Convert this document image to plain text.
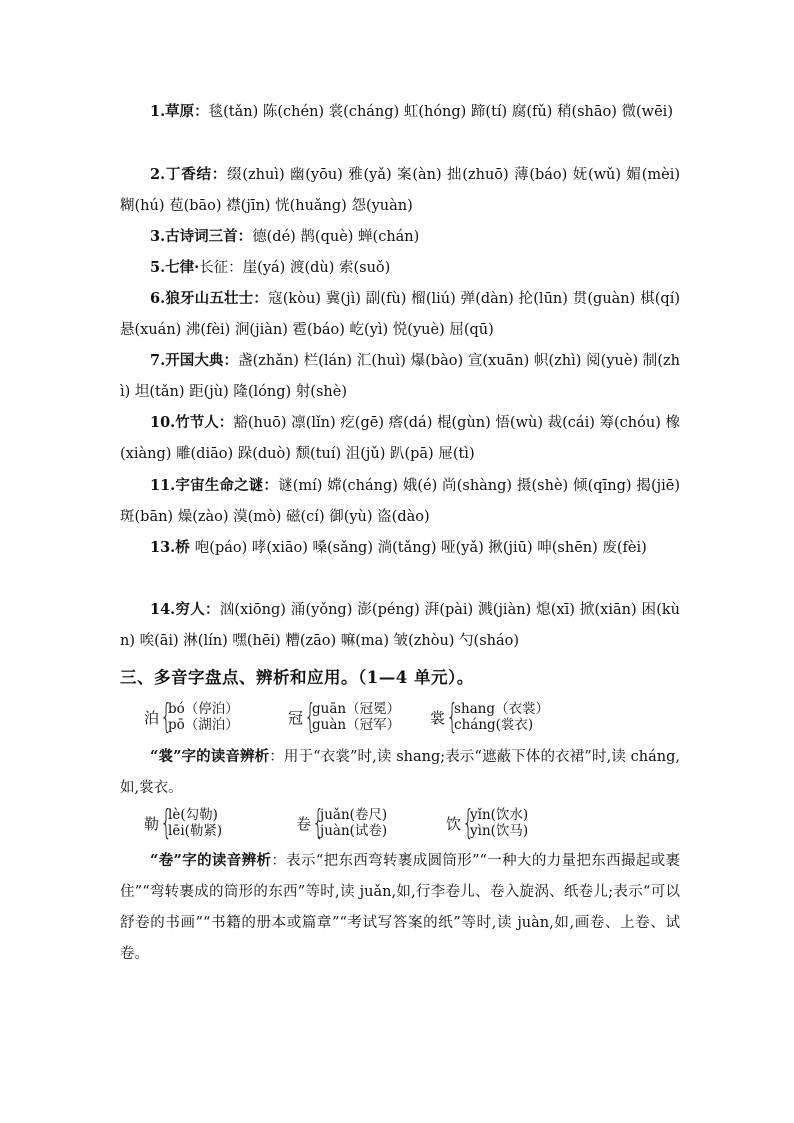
1.草原：毯(tǎn) 陈(chén) 裳(cháng) 虹(hóng) 蹄(tí) 腐(fǔ) 稍(shāo) 微(wēi)
2.丁香结：缀(zhuì) 幽(yōu) 雅(yǎ) 案(àn) 拙(zhuō) 薄(báo) 妩(wǔ) 媚(mèi) 糊(hú) 苞(bāo) 襟(jīn) 恍(huǎng) 怨(yuàn)
3.古诗词三首：德(dé) 鹊(què) 蝉(chán)
5.七律·长征：崖(yá) 渡(dù) 索(suǒ)
6.狼牙山五壮士：寇(kòu) 冀(jì) 副(fù) 榴(liú) 弹(dàn) 抡(lūn) 贯(guàn) 棋(qí) 悬(xuán) 沸(fèi) 涧(jiàn) 雹(báo) 屹(yì) 悦(yuè) 屈(qū)
7.开国大典：盏(zhǎn) 栏(lán) 汇(huì) 爆(bào) 宣(xuān) 帜(zhì) 阅(yuè) 制(zhì) 坦(tǎn) 距(jù) 隆(lóng) 射(shè)
10.竹节人：豁(huō) 凛(lǐn) 疙(gē) 瘩(dá) 棍(gùn) 悟(wù) 裁(cái) 筹(chóu) 橡(xiàng) 雕(diāo) 跺(duò) 颓(tuí) 沮(jǔ) 趴(pā) 屉(tì)
11.宇宙生命之谜：谜(mí) 嫦(cháng) 娥(é) 尚(shàng) 摄(shè) 倾(qīng) 揭(jiē) 斑(bān) 燥(zào) 漠(mò) 磁(cí) 御(yù) 盗(dào)
13.桥 咆(páo) 哮(xiāo) 嗓(sǎng) 淌(tǎng) 哑(yǎ) 揪(jiū) 呻(shēn) 废(fèi)
14.穷人：汹(xiōng) 涌(yǒng) 澎(péng) 湃(pài) 溅(jiàn) 熄(xī) 掀(xiān) 困(kùn) 唉(āi) 淋(lín) 嘿(hēi) 糟(zāo) 嘛(ma) 皱(zhòu) 勺(sháo)
三、多音字盘点、辨析和应用。（1—4 单元）。
泊 {
bó（停泊）
pō（湖泊）	冠 {
guān（冠冕）
guàn（冠军） 裳 {
shang（衣裳）
cháng(裳衣)
“裳”字的读音辨析：用于“衣裳”时,读 shang;表示“遮蔽下体的衣裙”时,读 cháng,如,裳衣。
勒 {
lè(勾勒)
lēi(勒紧)	卷 {
juǎn(卷尺)
juàn(试卷)	饮 {
yǐn(饮水)
yìn(饮马)
“卷”字的读音辨析：表示“把东西弯转裹成圆筒形”“一种大的力量把东西撮起或裹住”“弯转裹成的筒形的东西”等时,读 juǎn,如,行李卷儿、卷入旋涡、纸卷儿;表示“可以舒卷的书画”“书籍的册本或篇章”“考试写答案的纸”等时,读 juàn,如,画卷、上卷、试卷。
